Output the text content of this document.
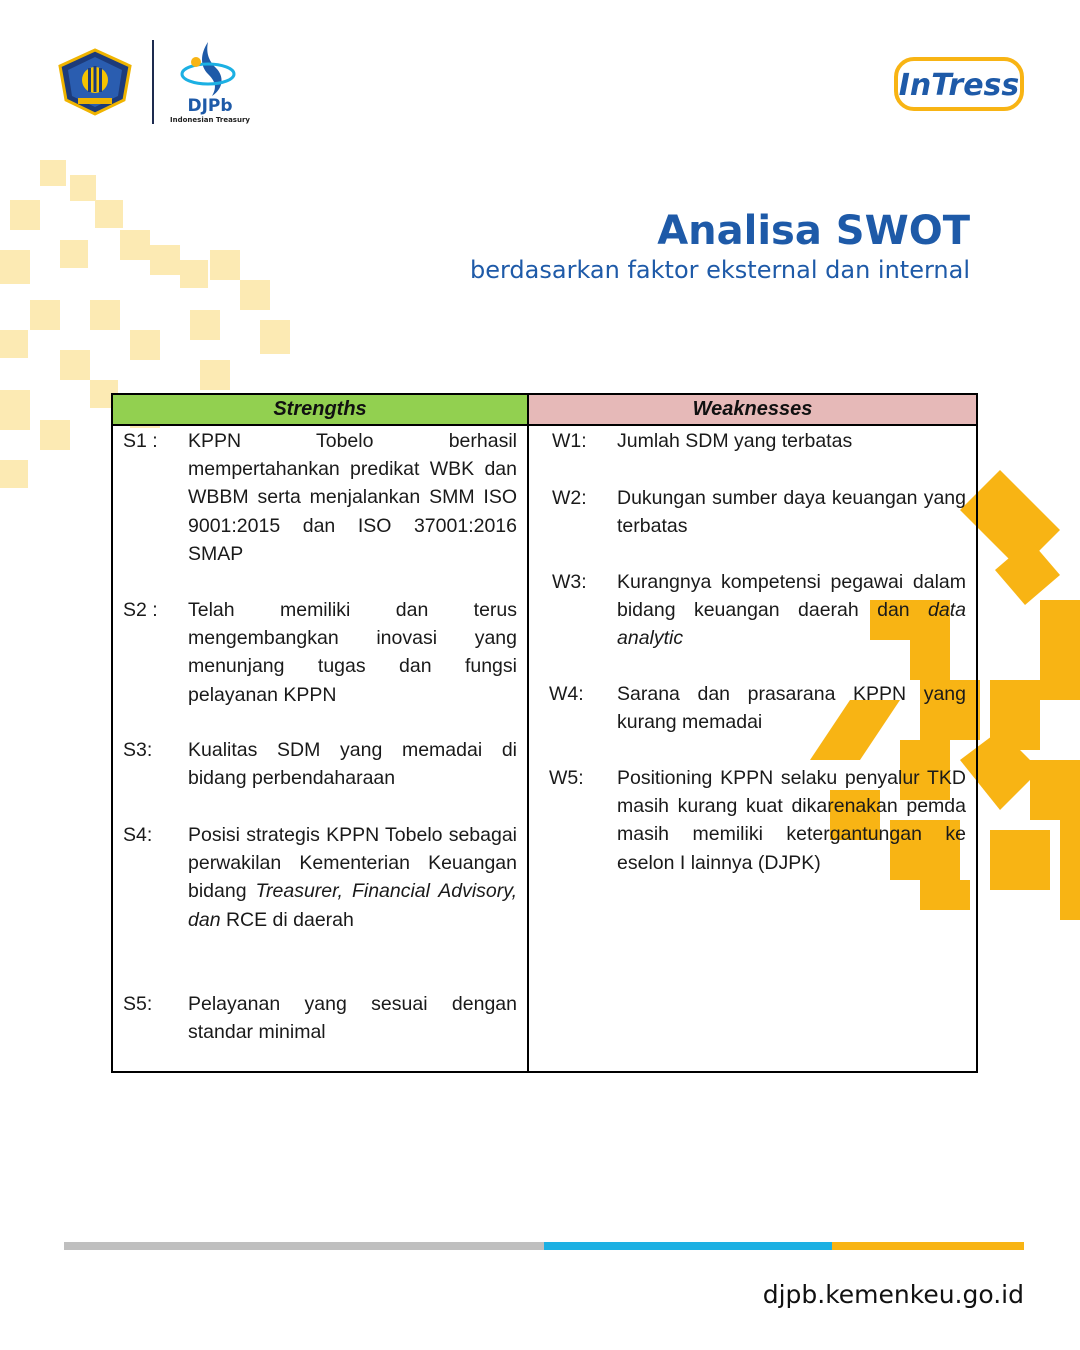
DJPb
Indonesian Treasury
InTress
Analisa SWOT
berdasarkan faktor eksternal dan internal
Strengths
S1 : KPPN Tobelo berhasil mempertahankan predikat WBK dan WBBM serta menjalankan SMM ISO 9001:2015 dan ISO 37001:2016 SMAP
S2 : Telah memiliki dan terus mengembangkan inovasi yang menunjang tugas dan fungsi pelayanan KPPN
S3: Kualitas SDM yang memadai di bidang perbendaharaan
S4: Posisi strategis KPPN Tobelo sebagai perwakilan Kementerian Keuangan bidang Treasurer, Financial Advisory, dan RCE di daerah
S5: Pelayanan yang sesuai dengan standar minimal
Weaknesses
W1: Jumlah SDM yang terbatas
W2: Dukungan sumber daya keuangan yang terbatas
W3: Kurangnya kompetensi pegawai dalam bidang keuangan daerah dan data analytic
W4: Sarana dan prasarana KPPN yang kurang memadai
W5: Positioning KPPN selaku penyalur TKD masih kurang kuat dikarenakan pemda masih memiliki ketergantungan ke eselon I lainnya (DJPK)
djpb.kemenkeu.go.id
